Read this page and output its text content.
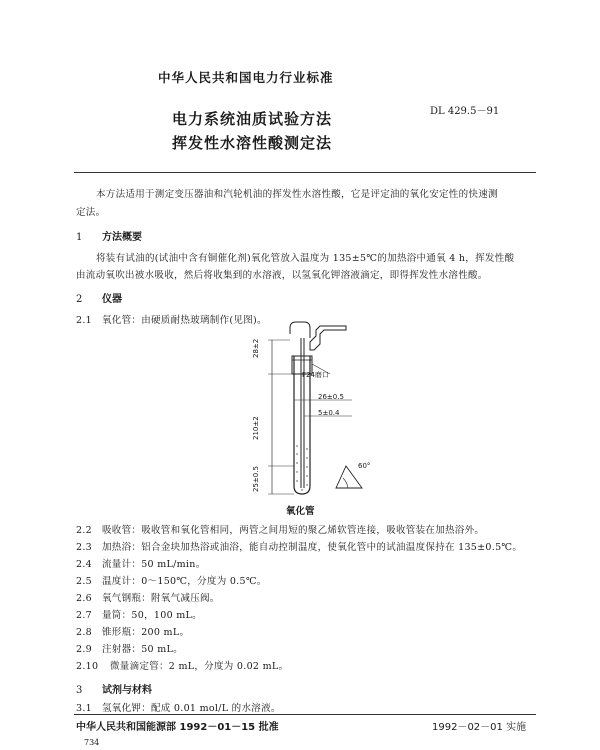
中华人民共和国电力行业标准
DL 429.5－91
电力系统油质试验方法
挥发性水溶性酸测定法
本方法适用于测定变压器油和汽轮机油的挥发性水溶性酸，它是评定油的氧化安定性的快速测
定法。
1 方法概要
将装有试油的(试油中含有铜催化剂)氧化管放入温度为 135±5℃的加热浴中通氧 4 h，挥发性酸
由流动氧吹出被水吸收，然后将收集到的水溶液，以氢氧化钾溶液滴定，即得挥发性水溶性酸。
2 仪器
2.1 氧化管：由硬质耐热玻璃制作(见图)。
F24磨口
26±0.5
5±0.4
60°
28±2
210±2
25±0.5
氧化管
2.2 吸收管：吸收管和氧化管相同，两管之间用短的聚乙烯软管连接，吸收管装在加热浴外。
2.3 加热浴：铝合金块加热浴或油浴，能自动控制温度，使氧化管中的试油温度保持在 135±0.5℃。
2.4 流量计：50 mL/min。
2.5 温度计：0～150℃，分度为 0.5℃。
2.6 氧气钢瓶：附氧气减压阀。
2.7 量筒：50，100 mL。
2.8 锥形瓶：200 mL。
2.9 注射器：50 mL。
2.10 微量滴定管：2 mL，分度为 0.02 mL。
3 试剂与材料
3.1 氢氧化钾：配成 0.01 mol/L 的水溶液。
中华人民共和国能源部 1992－01－15 批准	1992－02－01 实施
734
